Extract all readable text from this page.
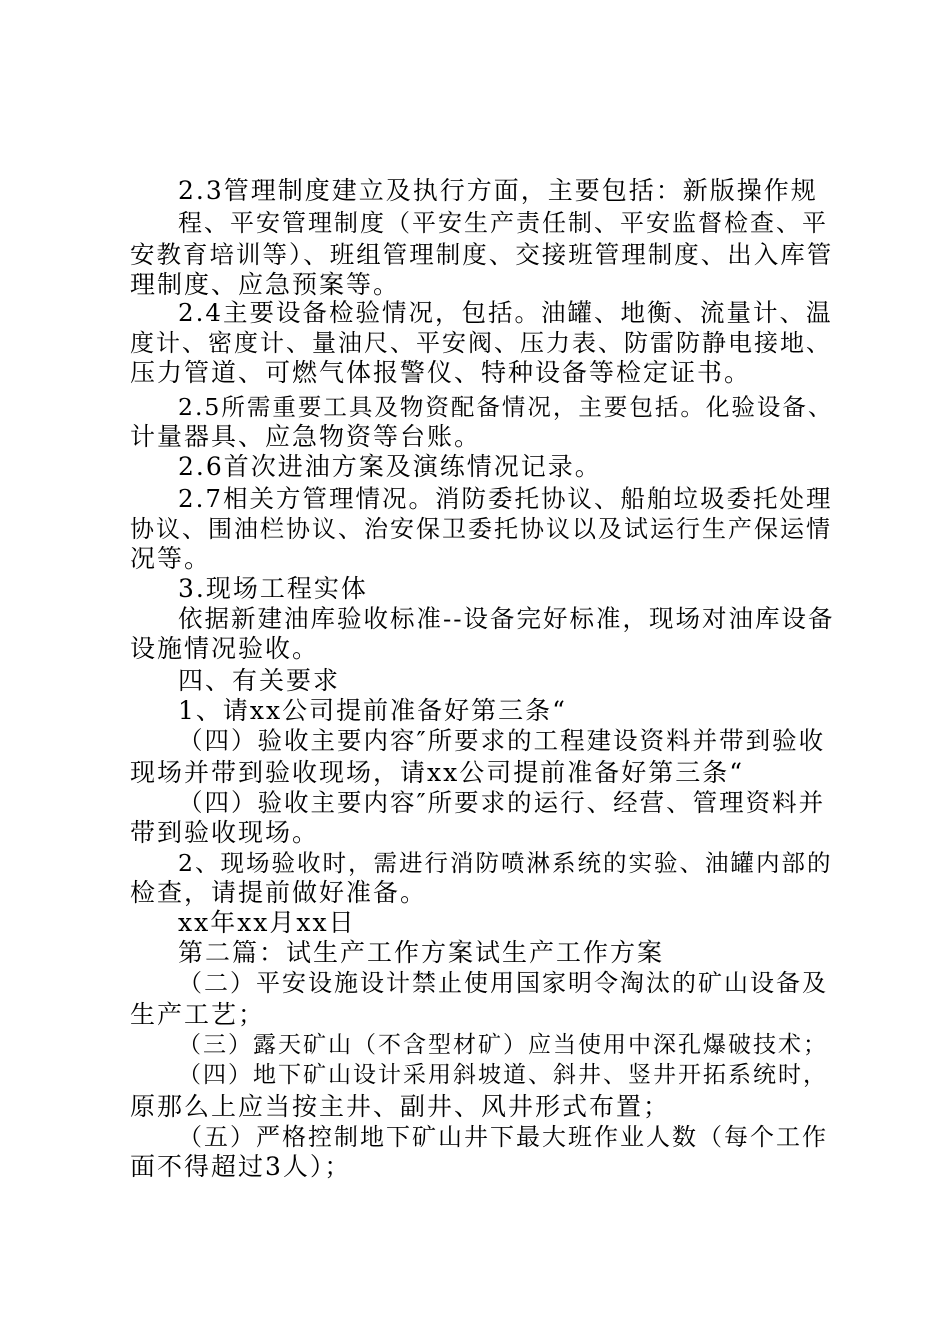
2.3管理制度建立及执行方面，主要包括：新版操作规
程、平安管理制度（平安生产责任制、平安监督检查、平
安教育培训等）、班组管理制度、交接班管理制度、出入库管
理制度、应急预案等。
2.4主要设备检验情况，包括。油罐、地衡、流量计、温
度计、密度计、量油尺、平安阀、压力表、防雷防静电接地、
压力管道、可燃气体报警仪、特种设备等检定证书。
2.5所需重要工具及物资配备情况，主要包括。化验设备、
计量器具、应急物资等台账。
2.6首次进油方案及演练情况记录。
2.7相关方管理情况。消防委托协议、船舶垃圾委托处理
协议、围油栏协议、治安保卫委托协议以及试运行生产保运情
况等。
3.现场工程实体
依据新建油库验收标准--设备完好标准，现场对油库设备
设施情况验收。
四、有关要求
1、请xx公司提前准备好第三条“
（四）验收主要内容″所要求的工程建设资料并带到验收
现场并带到验收现场，请xx公司提前准备好第三条“
（四）验收主要内容″所要求的运行、经营、管理资料并
带到验收现场。
2、现场验收时，需进行消防喷淋系统的实验、油罐内部的
检查，请提前做好准备。
xx年xx月xx日
第二篇：试生产工作方案试生产工作方案
（二）平安设施设计禁止使用国家明令淘汰的矿山设备及
生产工艺；
（三）露天矿山（不含型材矿）应当使用中深孔爆破技术；
（四）地下矿山设计采用斜坡道、斜井、竖井开拓系统时，
原那么上应当按主井、副井、风井形式布置；
（五）严格控制地下矿山井下最大班作业人数（每个工作
面不得超过3人）；
